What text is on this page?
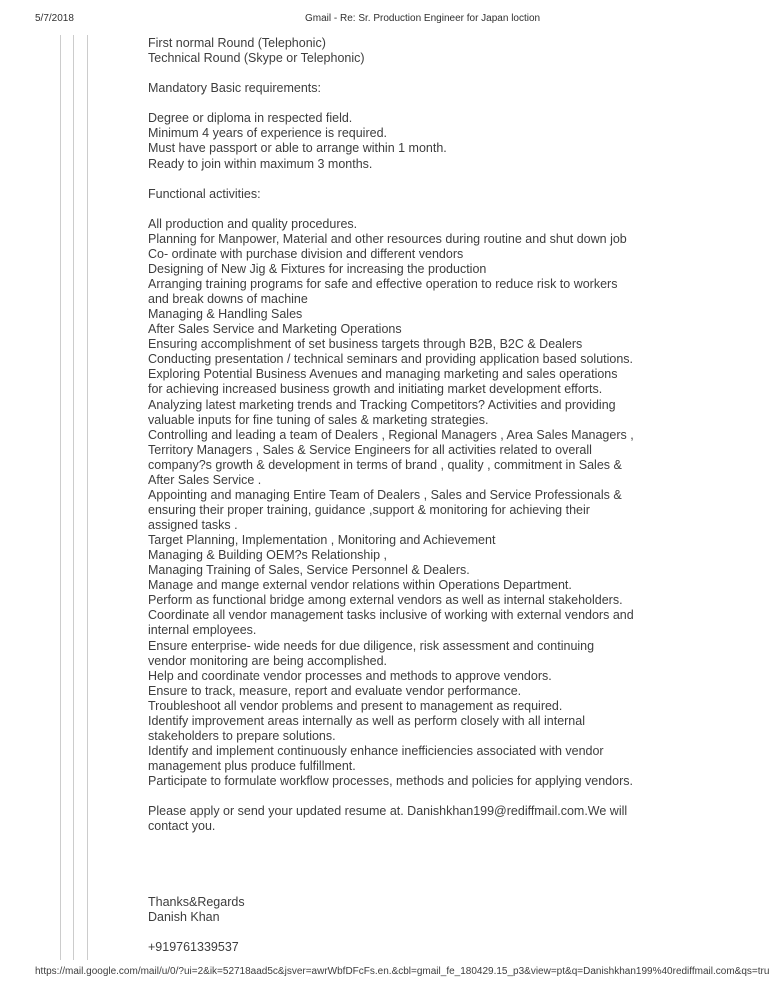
5/7/2018	Gmail - Re: Sr. Production Engineer for Japan loction
First normal Round (Telephonic)
Technical Round (Skype or Telephonic)

Mandatory Basic requirements:

Degree or diploma in respected field.
Minimum 4 years of experience is required.
Must have passport or able to arrange within 1 month.
Ready to join within maximum 3 months.

Functional activities:

All production and quality procedures.
Planning for Manpower, Material and other resources during routine and shut down job
Co- ordinate with purchase division and different vendors
Designing of New Jig & Fixtures for increasing the production
Arranging training programs for safe and effective operation to reduce risk to workers
and break downs of machine
Managing & Handling Sales
After Sales Service and Marketing Operations
Ensuring accomplishment of set business targets through B2B, B2C & Dealers
Conducting presentation / technical seminars and providing application based solutions.
Exploring Potential Business Avenues and managing marketing and sales operations
for achieving increased business growth and initiating market development efforts.
Analyzing latest marketing trends and Tracking Competitors? Activities and providing
valuable inputs for fine tuning of sales & marketing strategies.
Controlling and leading a team of Dealers , Regional Managers , Area Sales Managers ,
Territory Managers , Sales & Service Engineers for all activities related to overall
company?s growth & development in terms of brand , quality , commitment in Sales &
After Sales Service .
Appointing and managing Entire Team of Dealers , Sales and Service Professionals &
ensuring their proper training, guidance ,support & monitoring for achieving their
assigned tasks .
Target Planning, Implementation , Monitoring and Achievement
Managing & Building OEM?s Relationship ,
Managing Training of Sales, Service Personnel & Dealers.
Manage and mange external vendor relations within Operations Department.
Perform as functional bridge among external vendors as well as internal stakeholders.
Coordinate all vendor management tasks inclusive of working with external vendors and
internal employees.
Ensure enterprise- wide needs for due diligence, risk assessment and continuing
vendor monitoring are being accomplished.
Help and coordinate vendor processes and methods to approve vendors.
Ensure to track, measure, report and evaluate vendor performance.
Troubleshoot all vendor problems and present to management as required.
Identify improvement areas internally as well as perform closely with all internal
stakeholders to prepare solutions.
Identify and implement continuously enhance inefficiencies associated with vendor
management plus produce fulfillment.
Participate to formulate workflow processes, methods and policies for applying vendors.

Please apply or send your updated resume at. Danishkhan199@rediffmail.com.We will
contact you.

Thanks&Regards
Danish Khan

+919761339537
https://mail.google.com/mail/u/0/?ui=2&ik=52718aad5c&jsver=awrWbfDFcFs.en.&cbl=gmail_fe_180429.15_p3&view=pt&q=Danishkhan199%40rediffmail.com&qs=tru
